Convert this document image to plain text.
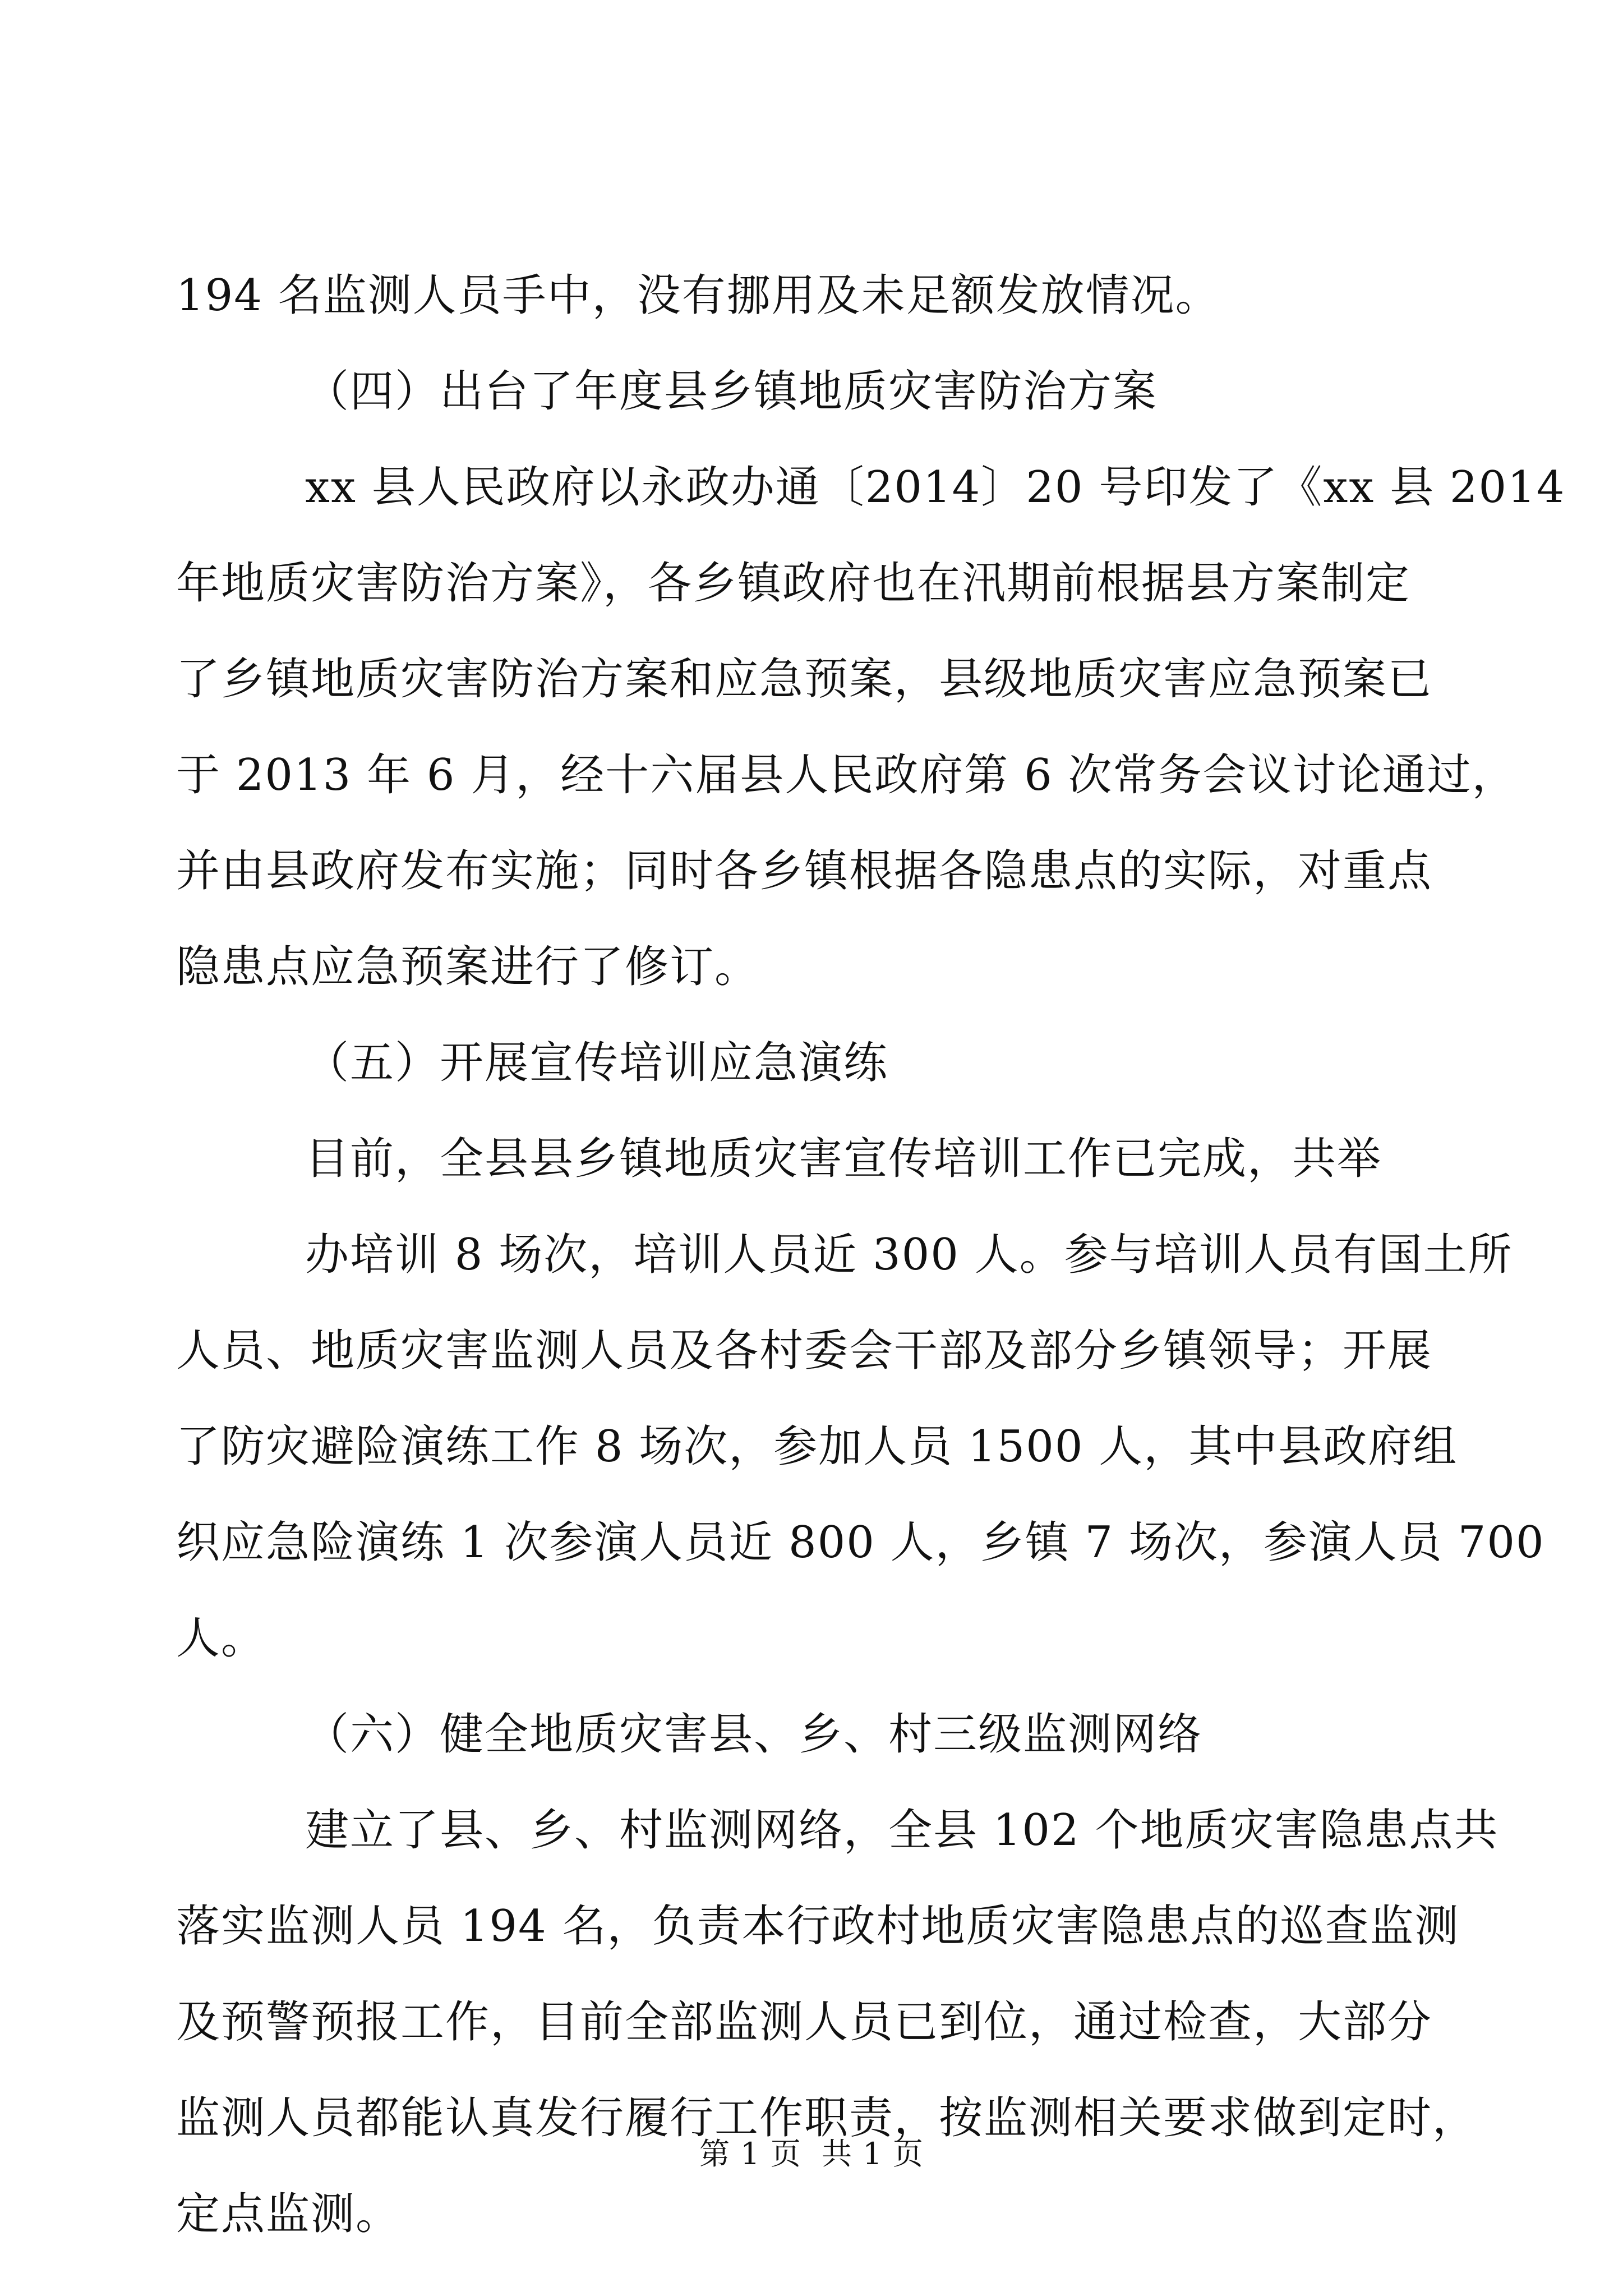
194 名监测人员手中，没有挪用及未足额发放情况。
（四）出台了年度县乡镇地质灾害防治方案
xx 县人民政府以永政办通〔2014〕20 号印发了《xx 县 2014
年地质灾害防治方案》，各乡镇政府也在汛期前根据县方案制定
了乡镇地质灾害防治方案和应急预案，县级地质灾害应急预案已
于 2013 年 6 月，经十六届县人民政府第 6 次常务会议讨论通过，
并由县政府发布实施；同时各乡镇根据各隐患点的实际，对重点
隐患点应急预案进行了修订。
（五）开展宣传培训应急演练
目前，全县县乡镇地质灾害宣传培训工作已完成，共举
办培训 8 场次，培训人员近 300 人。参与培训人员有国土所
人员、地质灾害监测人员及各村委会干部及部分乡镇领导；开展
了防灾避险演练工作 8 场次，参加人员 1500 人，其中县政府组
织应急险演练 1 次参演人员近 800 人，乡镇 7 场次，参演人员 700
人。
（六）健全地质灾害县、乡、村三级监测网络
建立了县、乡、村监测网络，全县 102 个地质灾害隐患点共
落实监测人员 194 名，负责本行政村地质灾害隐患点的巡查监测
及预警预报工作，目前全部监测人员已到位，通过检查，大部分
监测人员都能认真发行履行工作职责，按监测相关要求做到定时，
定点监测。
第 1 页  共 1 页
